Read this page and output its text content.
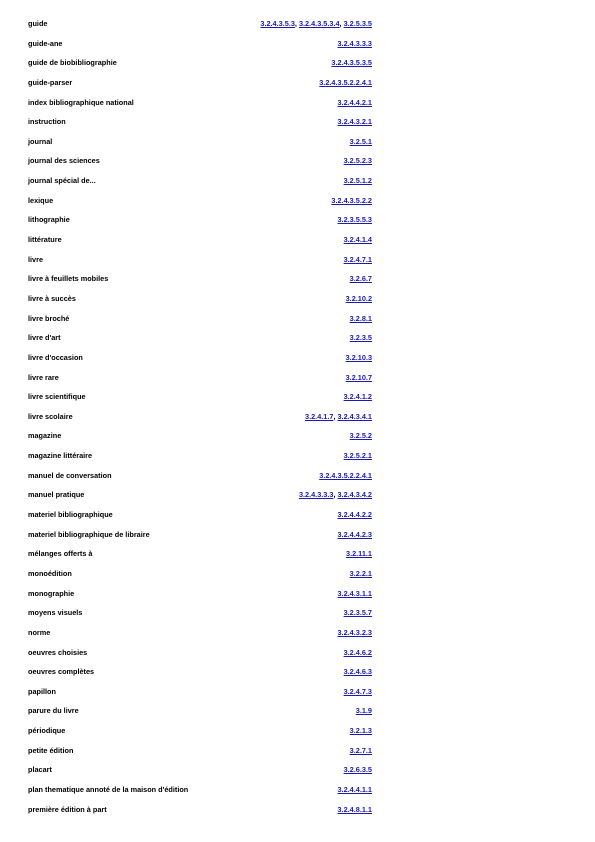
guide	3.2.4.3.5.3, 3.2.4.3.5.3.4, 3.2.5.3.5
guide-ane	3.2.4.3.3.3
guide de biobibliographie	3.2.4.3.5.3.5
guide-parser	3.2.4.3.5.2.2.4.1
index bibliographique national	3.2.4.4.2.1
instruction	3.2.4.3.2.1
journal	3.2.5.1
journal des sciences	3.2.5.2.3
journal spécial de...	3.2.5.1.2
lexique	3.2.4.3.5.2.2
lithographie	3.2.3.5.5.3
littérature	3.2.4.1.4
livre	3.2.4.7.1
livre à feuillets mobiles	3.2.6.7
livre à succès	3.2.10.2
livre broché	3.2.8.1
livre d'art	3.2.3.5
livre d'occasion	3.2.10.3
livre rare	3.2.10.7
livre scientifique	3.2.4.1.2
livre scolaire	3.2.4.1.7, 3.2.4.3.4.1
magazine	3.2.5.2
magazine littéraire	3.2.5.2.1
manuel de conversation	3.2.4.3.5.2.2.4.1
manuel pratique	3.2.4.3.3.3, 3.2.4.3.4.2
materiel bibliographique	3.2.4.4.2.2
materiel bibliographique de libraire	3.2.4.4.2.3
mélanges offerts à	3.2.11.1
monoédition	3.2.2.1
monographie	3.2.4.3.1.1
moyens visuels	3.2.3.5.7
norme	3.2.4.3.2.3
oeuvres choisies	3.2.4.6.2
oeuvres complètes	3.2.4.6.3
papillon	3.2.4.7.3
parure du livre	3.1.9
périodique	3.2.1.3
petite édition	3.2.7.1
placart	3.2.6.3.5
plan thematique annoté de la maison d'édition	3.2.4.4.1.1
première édition à part	3.2.4.8.1.1
